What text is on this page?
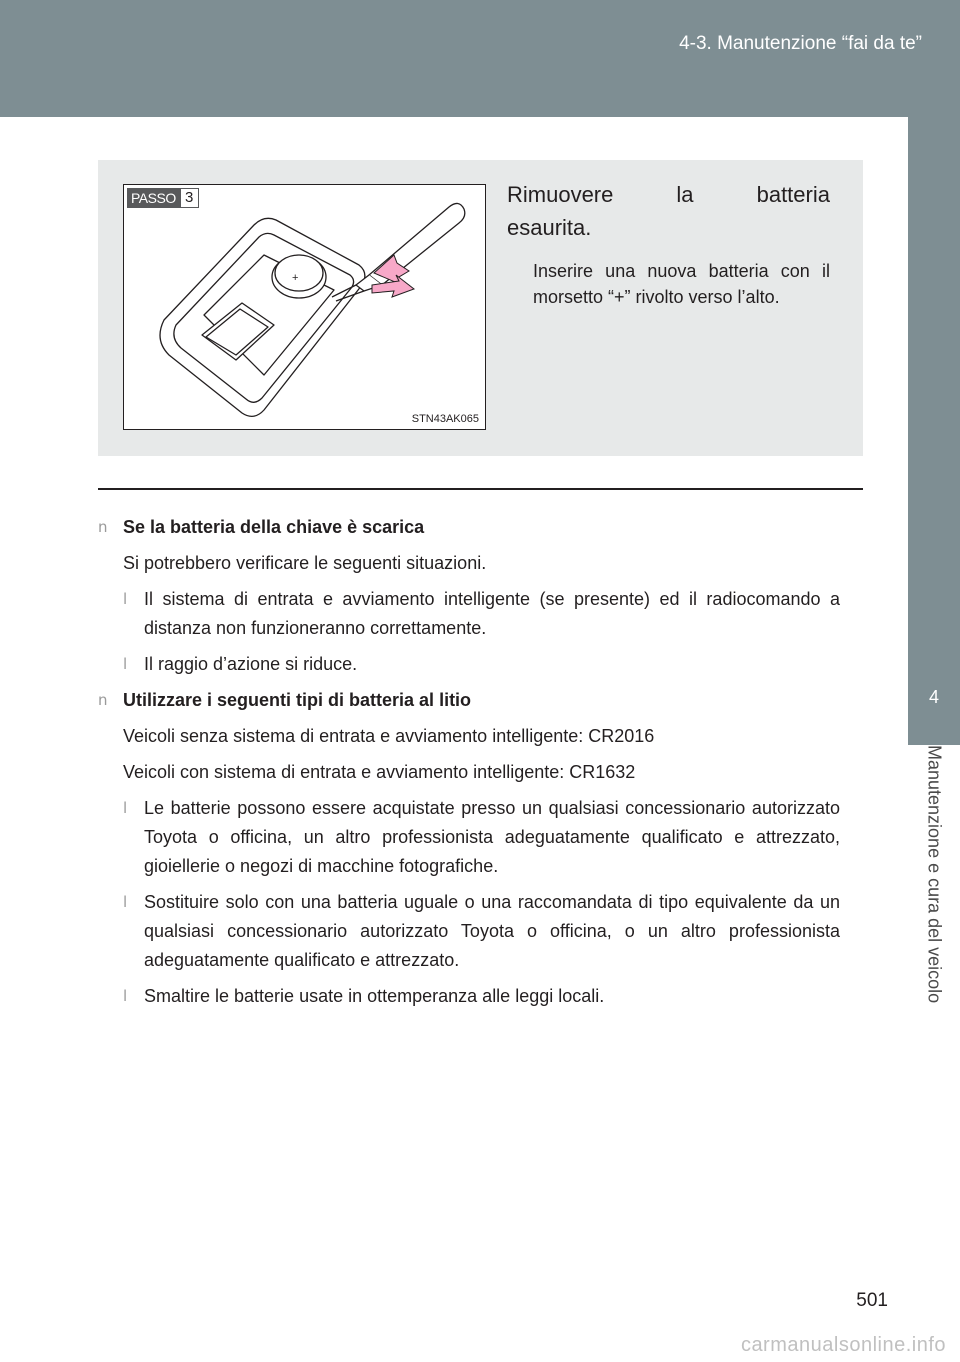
4-3. Manutenzione “fai da te”
4
Manutenzione e cura del veicolo
PASSO 3
+
STN43AK065
Rimuovere	la	batteria
esaurita.
Inserire una nuova batteria con il morsetto “+” rivolto verso l’alto.
n Se la batteria della chiave è scarica
Si potrebbero verificare le seguenti situazioni.
l Il sistema di entrata e avviamento intelligente (se presente) ed il radiocomando a distanza non funzioneranno correttamente.
l Il raggio d’azione si riduce.
n Utilizzare i seguenti tipi di batteria al litio
Veicoli senza sistema di entrata e avviamento intelligente: CR2016
Veicoli con sistema di entrata e avviamento intelligente: CR1632
l Le batterie possono essere acquistate presso un qualsiasi concessionario autorizzato Toyota o officina, un altro professionista adeguatamente qualificato e attrezzato, gioiellerie o negozi di macchine fotografiche.
l Sostituire solo con una batteria uguale o una raccomandata di tipo equivalente da un qualsiasi concessionario autorizzato Toyota o officina, o un altro professionista adeguatamente qualificato e attrezzato.
l Smaltire le batterie usate in ottemperanza alle leggi locali.
501
carmanualsonline.info
